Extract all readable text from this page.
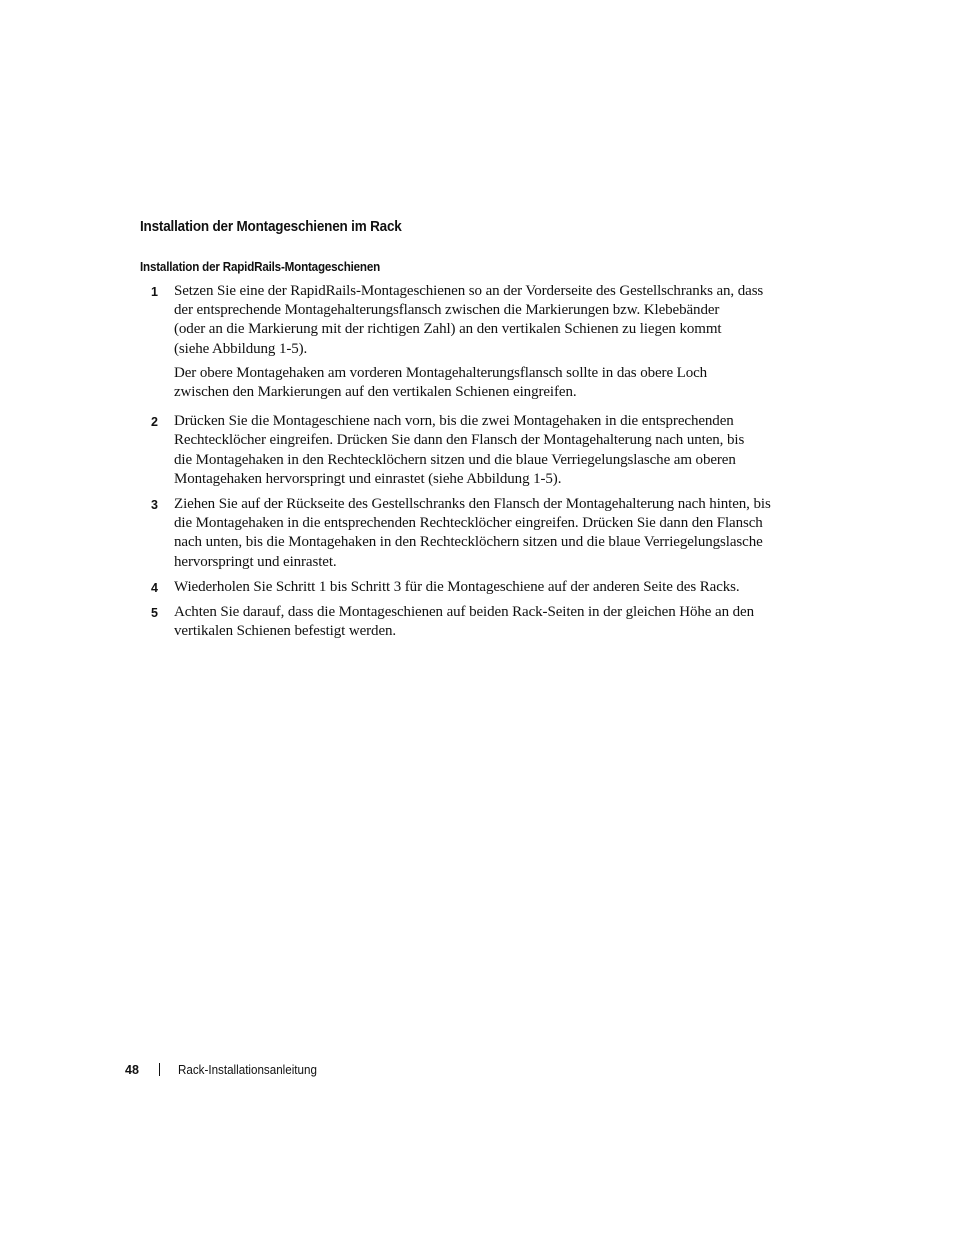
Installation der Montageschienen im Rack
Installation der RapidRails-Montageschienen
1 Setzen Sie eine der RapidRails-Montageschienen so an der Vorderseite des Gestellschranks an, dass
der entsprechende Montagehalterungsflansch zwischen die Markierungen bzw. Klebebänder
(oder an die Markierung mit der richtigen Zahl) an den vertikalen Schienen zu liegen kommt
(siehe Abbildung 1-5).

Der obere Montagehaken am vorderen Montagehalterungsflansch sollte in das obere Loch
zwischen den Markierungen auf den vertikalen Schienen eingreifen.

2 Drücken Sie die Montageschiene nach vorn, bis die zwei Montagehaken in die entsprechenden
Rechtecklöcher eingreifen. Drücken Sie dann den Flansch der Montagehalterung nach unten, bis
die Montagehaken in den Rechtecklöchern sitzen und die blaue Verriegelungslasche am oberen
Montagehaken hervorspringt und einrastet (siehe Abbildung 1-5).

3 Ziehen Sie auf der Rückseite des Gestellschranks den Flansch der Montagehalterung nach hinten, bis
die Montagehaken in die entsprechenden Rechtecklöcher eingreifen. Drücken Sie dann den Flansch
nach unten, bis die Montagehaken in den Rechtecklöchern sitzen und die blaue Verriegelungslasche
hervorspringt und einrastet.

4 Wiederholen Sie Schritt 1 bis Schritt 3 für die Montageschiene auf der anderen Seite des Racks.

5 Achten Sie darauf, dass die Montageschienen auf beiden Rack-Seiten in der gleichen Höhe an den
vertikalen Schienen befestigt werden.

48	Rack-Installationsanleitung
